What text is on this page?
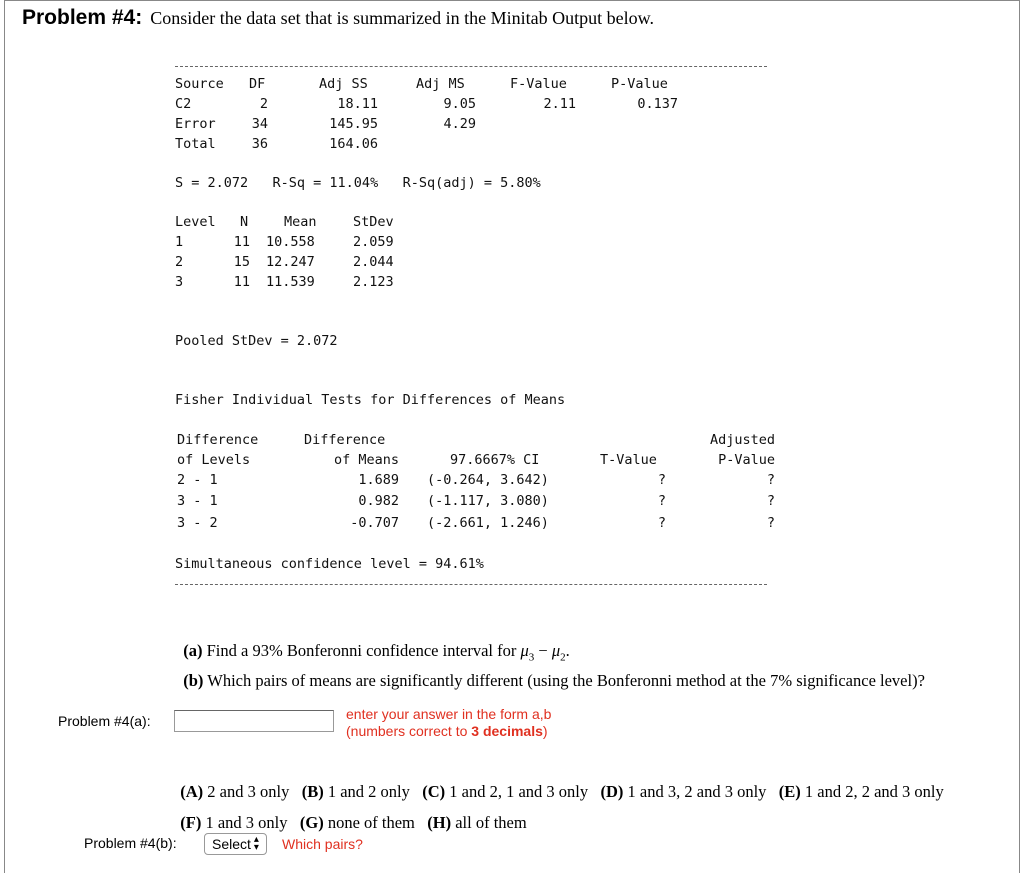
Problem #4: Consider the data set that is summarized in the Minitab Output below.
Source DF	Adj SS	Adj MS	F-Value	P-Value
C2	2	18.11	9.05	2.11	0.137
Error	34	145.95	4.29
Total	36	164.06
S = 2.072   R-Sq = 11.04%   R-Sq(adj) = 5.80%
Level N	Mean	StDev
1	11 10.558	2.059
2	15 12.247	2.044
3	11 11.539	2.123
Pooled StDev = 2.072
Fisher Individual Tests for Differences of Means
Difference	Difference	Adjusted
of Levels	of Means	97.6667% CI	T-Value	P-Value
2 - 1	1.689 (-0.264, 3.642)	?	?
3 - 1	0.982 (-1.117, 3.080)	?	?
3 - 2	-0.707 (-2.661, 1.246)	?	?
Simultaneous confidence level = 94.61%

(a) Find a 93% Bonferonni confidence interval for $\mu_3 - \mu_2$.

(b) Which pairs of means are significantly different (using the Bonferonni method at the 7% significance level)?

Problem #4(a):	enter your answer in the form a,b
(numbers correct to 3 decimals)

(A) 2 and 3 only (B) 1 and 2 only (C) 1 and 2, 1 and 3 only (D) 1 and 3, 2 and 3 only (E) 1 and 2, 2 and 3 only

(F) 1 and 3 only (G) none of them (H) all of them

Problem #4(b):	Select ▴
▾ Which pairs?
